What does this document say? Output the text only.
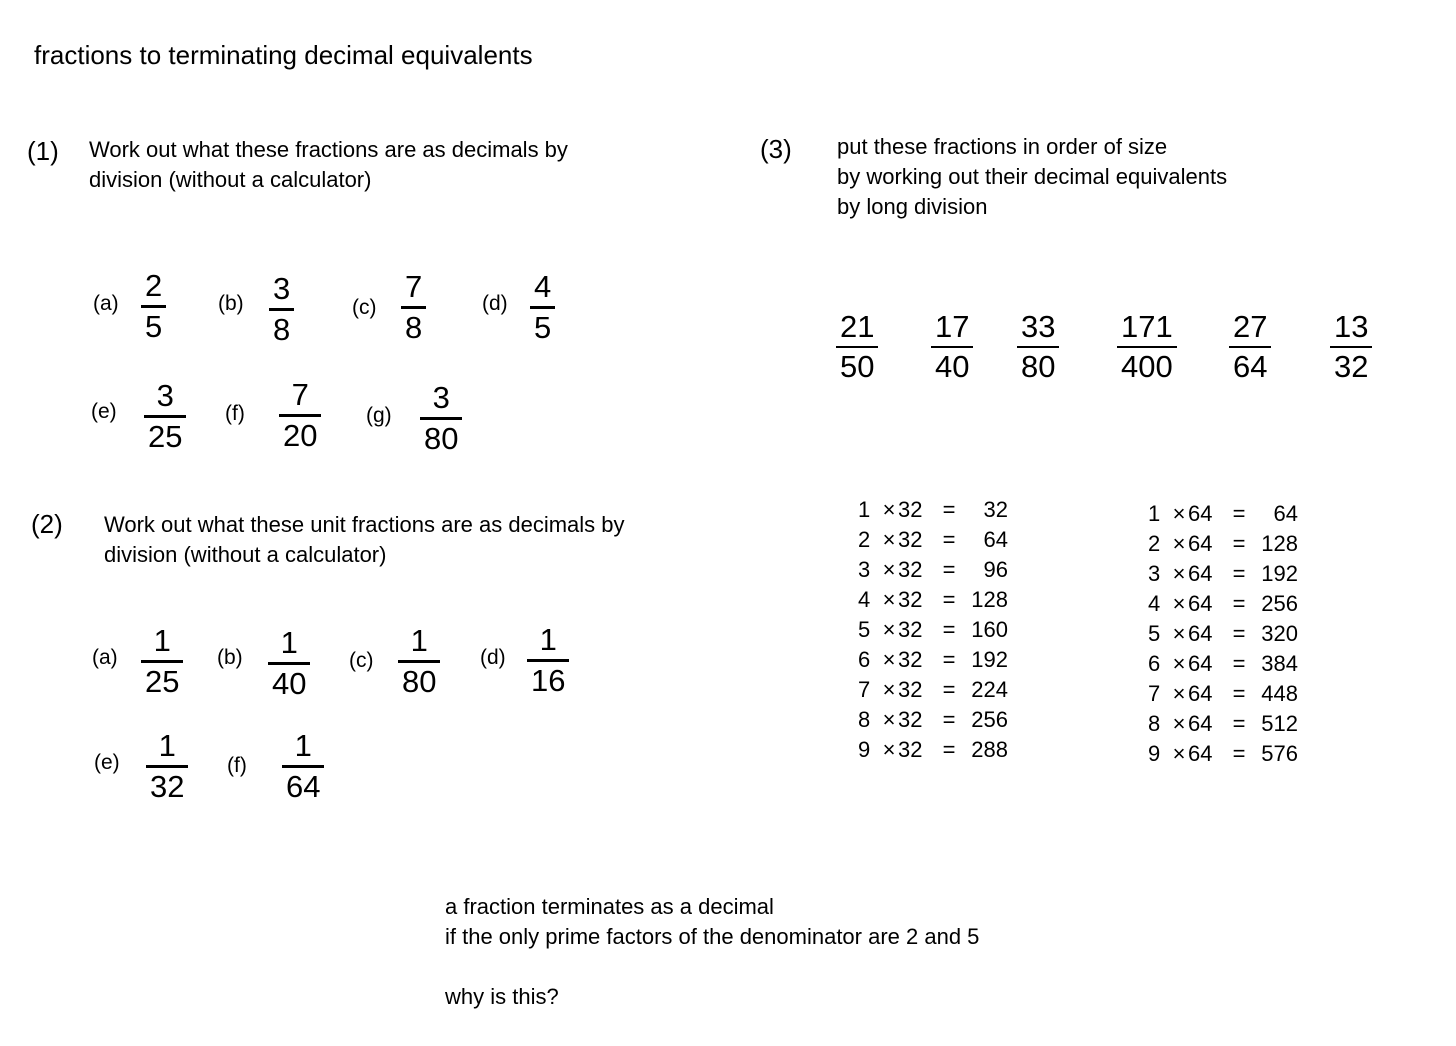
fractions to terminating decimal equivalents
(1) Work out what these fractions are as decimals by
division (without a calculator)
(a)
2
5
(b) 3
8
(c)
7
8
(d) 4
5
(e) 3
25
(f)
7
20
(g)
3
80
(2) Work out what these unit fractions are as decimals by
division (without a calculator)
(a) 1
25
(b) 1
40
(c)
1
80
(d)
1
16
(e) 1
32
(f)
1
64
(3) put these fractions in order of size
by working out their decimal equivalents
by long division
21
50
17
40
33
80
171
400
27
64
13
32
1 × 32 =	32
2 × 32 =	64
3 × 32 =	96
4 × 32 = 128
5 × 32 = 160
6 × 32 = 192
7 × 32 = 224
8 × 32 = 256
9 × 32 = 288
1 × 64 =	64
2 × 64 = 128
3 × 64 = 192
4 × 64 = 256
5 × 64 = 320
6 × 64 = 384
7 × 64 = 448
8 × 64 = 512
9 × 64 = 576
a fraction terminates as a decimal
if the only prime factors of the denominator are 2 and 5
why is this?
